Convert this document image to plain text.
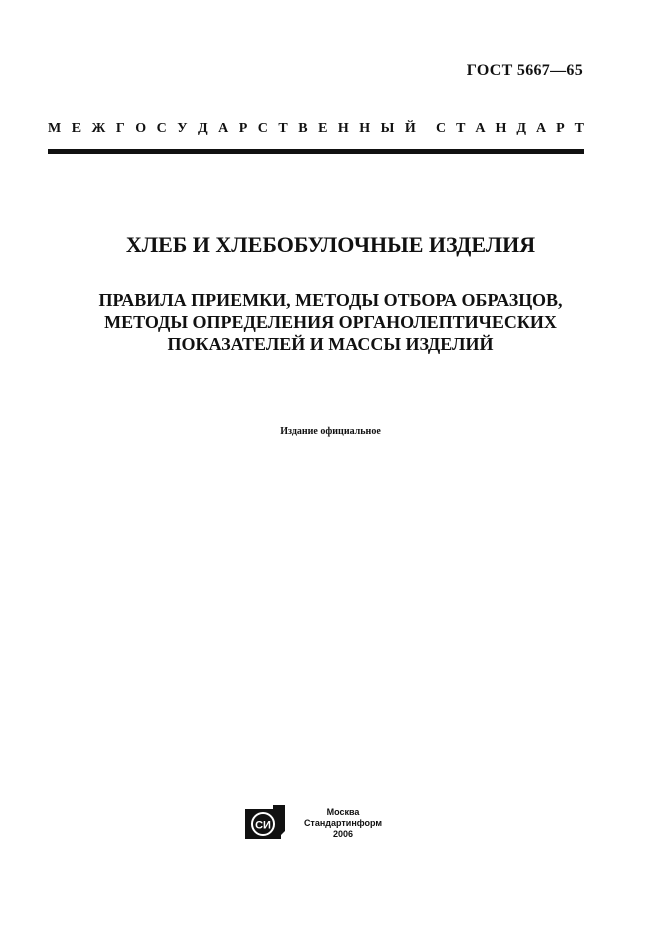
ГОСТ 5667—65
М Е Ж Г О С У Д А Р С Т В Е Н Н Ы Й С Т А Н Д А Р Т
ХЛЕБ И ХЛЕБОБУЛОЧНЫЕ ИЗДЕЛИЯ
ПРАВИЛА ПРИЕМКИ, МЕТОДЫ ОТБОРА ОБРАЗЦОВ,
МЕТОДЫ ОПРЕДЕЛЕНИЯ ОРГАНОЛЕПТИЧЕСКИХ
ПОКАЗАТЕЛЕЙ И МАССЫ ИЗДЕЛИЙ
Издание официальное
СИ
Москва
Стандартинформ
2006
